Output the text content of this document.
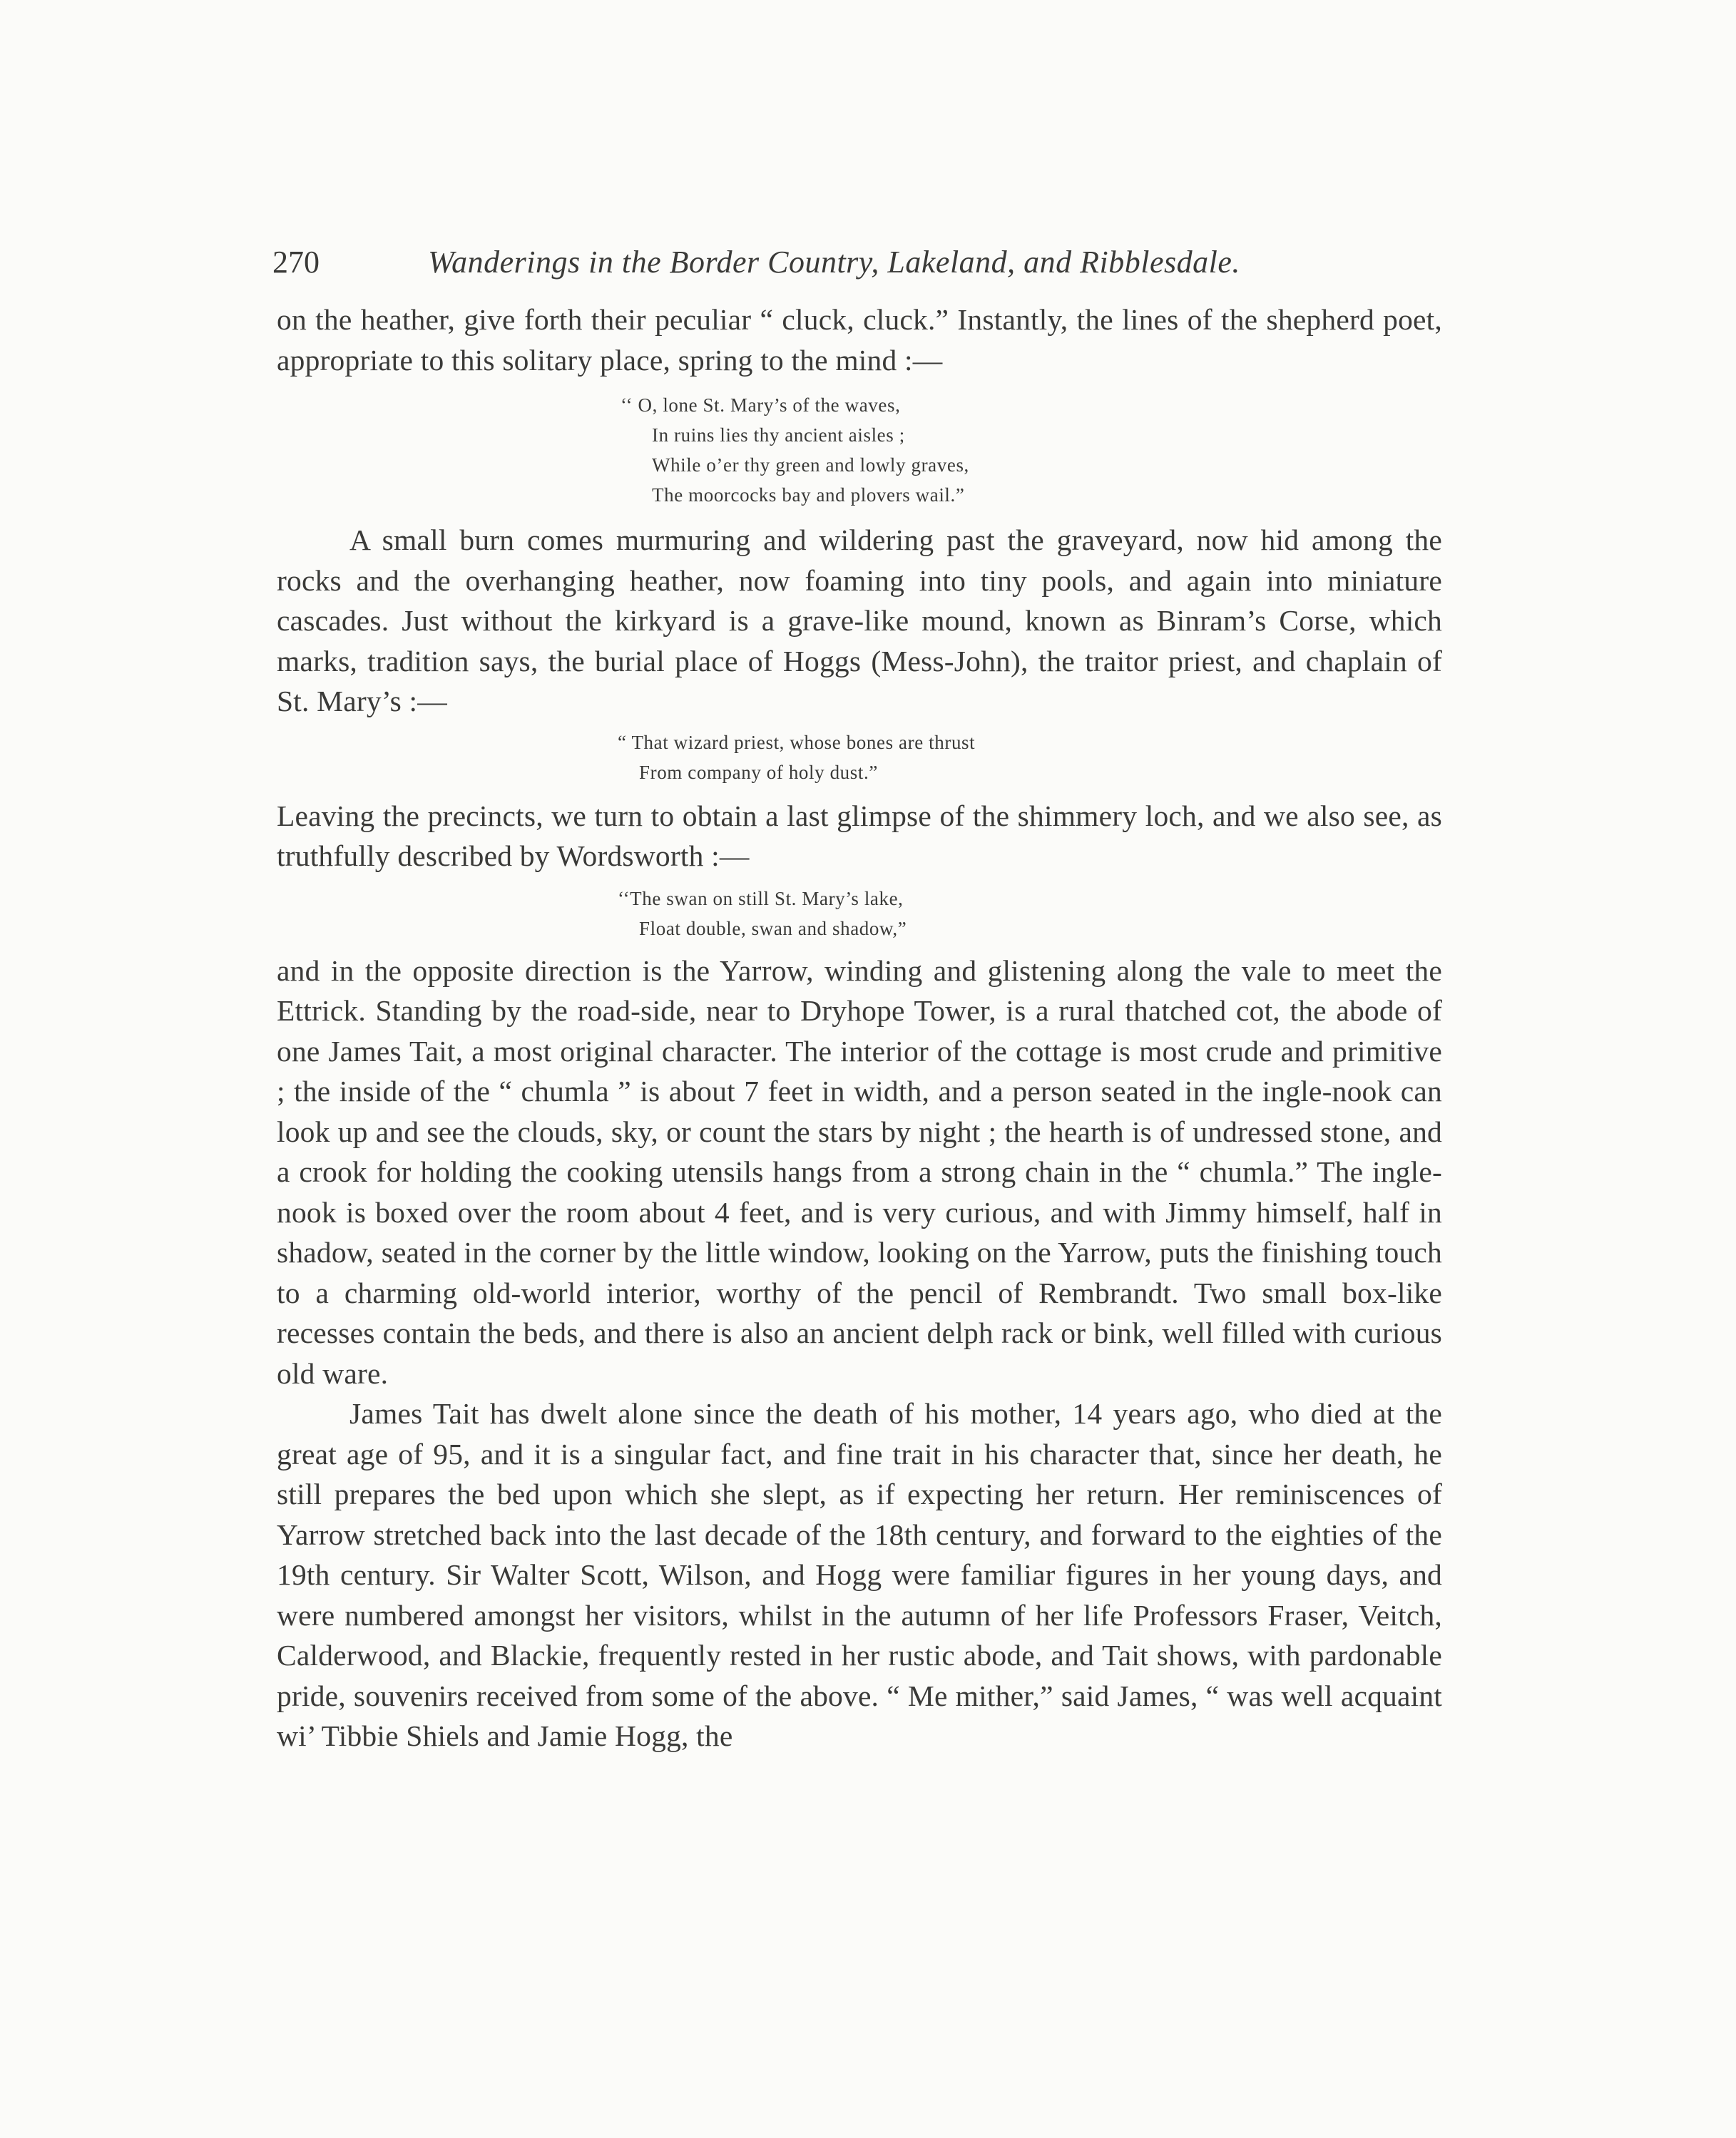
270	Wanderings in the Border Country, Lakeland, and Ribblesdale.

on the heather, give forth their peculiar “ cluck, cluck.” Instantly, the lines of the shepherd poet, appropriate to this solitary place, spring to the mind :—

‘‘ O, lone St. Mary’s of the waves,
In ruins lies thy ancient aisles ;
While o’er thy green and lowly graves,
The moorcocks bay and plovers wail.”

A small burn comes murmuring and wildering past the graveyard, now hid among the rocks and the overhanging heather, now foaming into tiny pools, and again into miniature cascades. Just without the kirkyard is a grave-like mound, known as Binram’s Corse, which marks, tradition says, the burial place of Hoggs (Mess-John), the traitor priest, and chaplain of St. Mary’s :—

“ That wizard priest, whose bones are thrust
From company of holy dust.”

Leaving the precincts, we turn to obtain a last glimpse of the shimmery loch, and we also see, as truthfully described by Wordsworth :—

‘‘The swan on still St. Mary’s lake,
Float double, swan and shadow,”

and in the opposite direction is the Yarrow, winding and glistening along the vale to meet the Ettrick. Standing by the road-side, near to Dryhope Tower, is a rural thatched cot, the abode of one James Tait, a most original character. The interior of the cottage is most crude and primitive ; the inside of the “ chumla ” is about 7 feet in width, and a person seated in the ingle-nook can look up and see the clouds, sky, or count the stars by night ; the hearth is of undressed stone, and a crook for holding the cooking utensils hangs from a strong chain in the “ chumla.” The ingle-nook is boxed over the room about 4 feet, and is very curious, and with Jimmy himself, half in shadow, seated in the corner by the little window, looking on the Yarrow, puts the finishing touch to a charming old-world interior, worthy of the pencil of Rembrandt. Two small box-like recesses contain the beds, and there is also an ancient delph rack or bink, well filled with curious old ware.

James Tait has dwelt alone since the death of his mother, 14 years ago, who died at the great age of 95, and it is a singular fact, and fine trait in his character that, since her death, he still prepares the bed upon which she slept, as if expecting her return. Her reminiscences of Yarrow stretched back into the last decade of the 18th century, and forward to the eighties of the 19th century. Sir Walter Scott, Wilson, and Hogg were familiar figures in her young days, and were numbered amongst her visitors, whilst in the autumn of her life Professors Fraser, Veitch, Calderwood, and Blackie, frequently rested in her rustic abode, and Tait shows, with pardonable pride, souvenirs received from some of the above. “ Me mither,” said James, “ was well acquaint wi’ Tibbie Shiels and Jamie Hogg, the
